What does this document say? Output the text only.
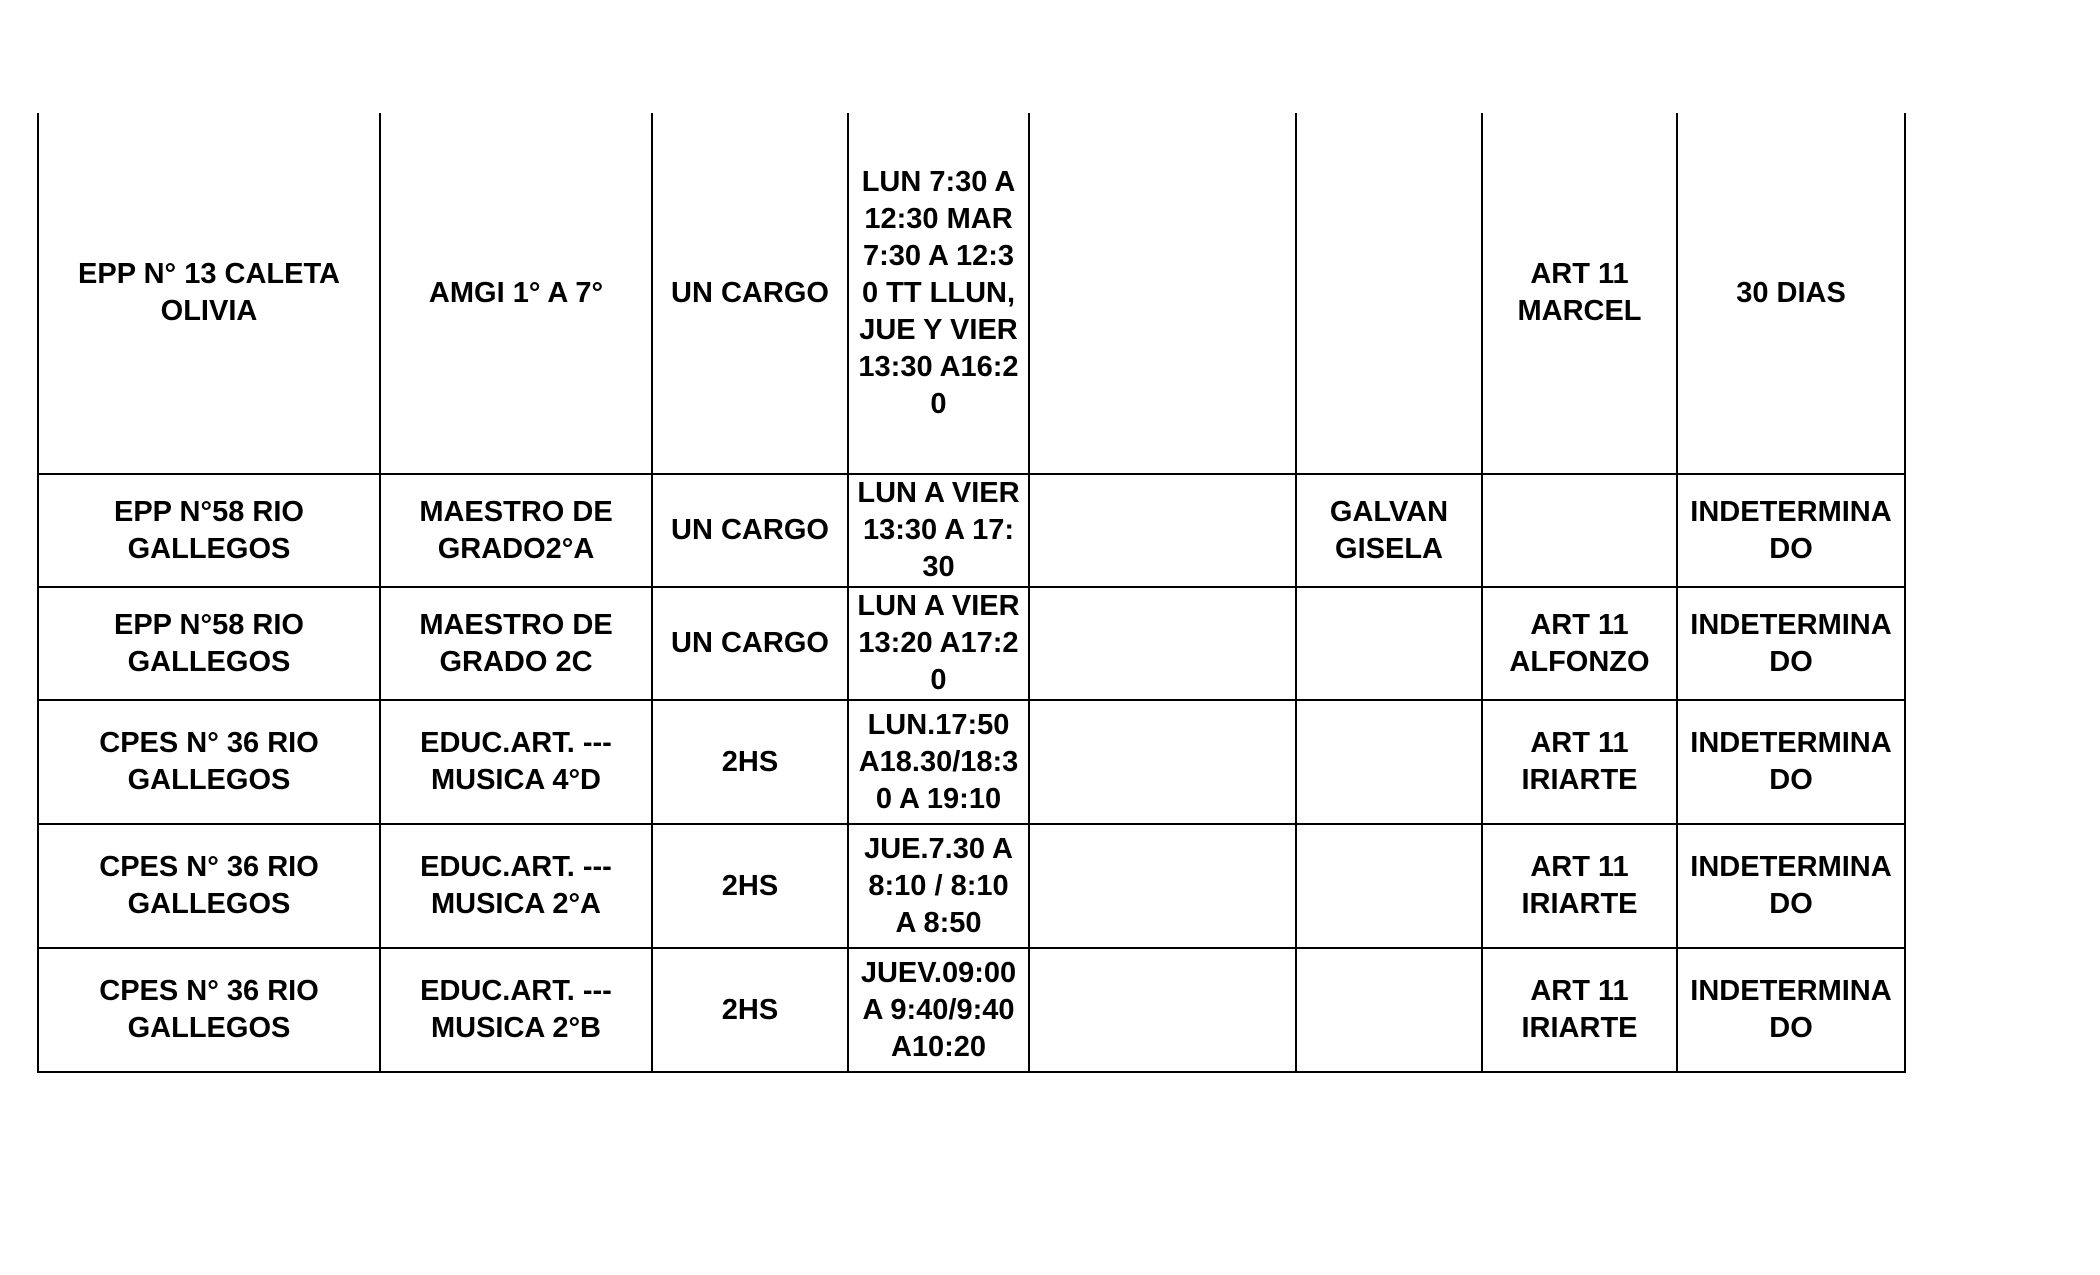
EPP N° 13 CALETA OLIVIA	AMGI 1° A 7°	UN CARGO	LUN 7:30 A 12:30 MAR 7:30 A 12:30 TT LLUN,JUE Y VIER 13:30 A16:20			ART 11 MARCEL	30 DIAS
EPP N°58 RIO GALLEGOS	MAESTRO DE GRADO2°A	UN CARGO	LUN A VIER13:30 A 17:30		GALVAN GISELA		INDETERMINADO
EPP N°58 RIO GALLEGOS	MAESTRO DE GRADO 2C	UN CARGO	LUN A VIER 13:20 A17:20			ART 11 ALFONZO	INDETERMINADO
CPES N° 36 RIO GALLEGOS	EDUC.ART. --- MUSICA 4°D	2HS	LUN.17:50 A18.30/18:30 A 19:10			ART 11 IRIARTE	INDETERMINADO
CPES N° 36 RIO GALLEGOS	EDUC.ART. --- MUSICA 2°A	2HS	JUE.7.30 A 8:10 / 8:10 A 8:50			ART 11 IRIARTE	INDETERMINADO
CPES N° 36 RIO GALLEGOS	EDUC.ART. --- MUSICA 2°B	2HS	JUEV.09:00 A 9:40/9:40 A10:20			ART 11 IRIARTE	INDETERMINADO
